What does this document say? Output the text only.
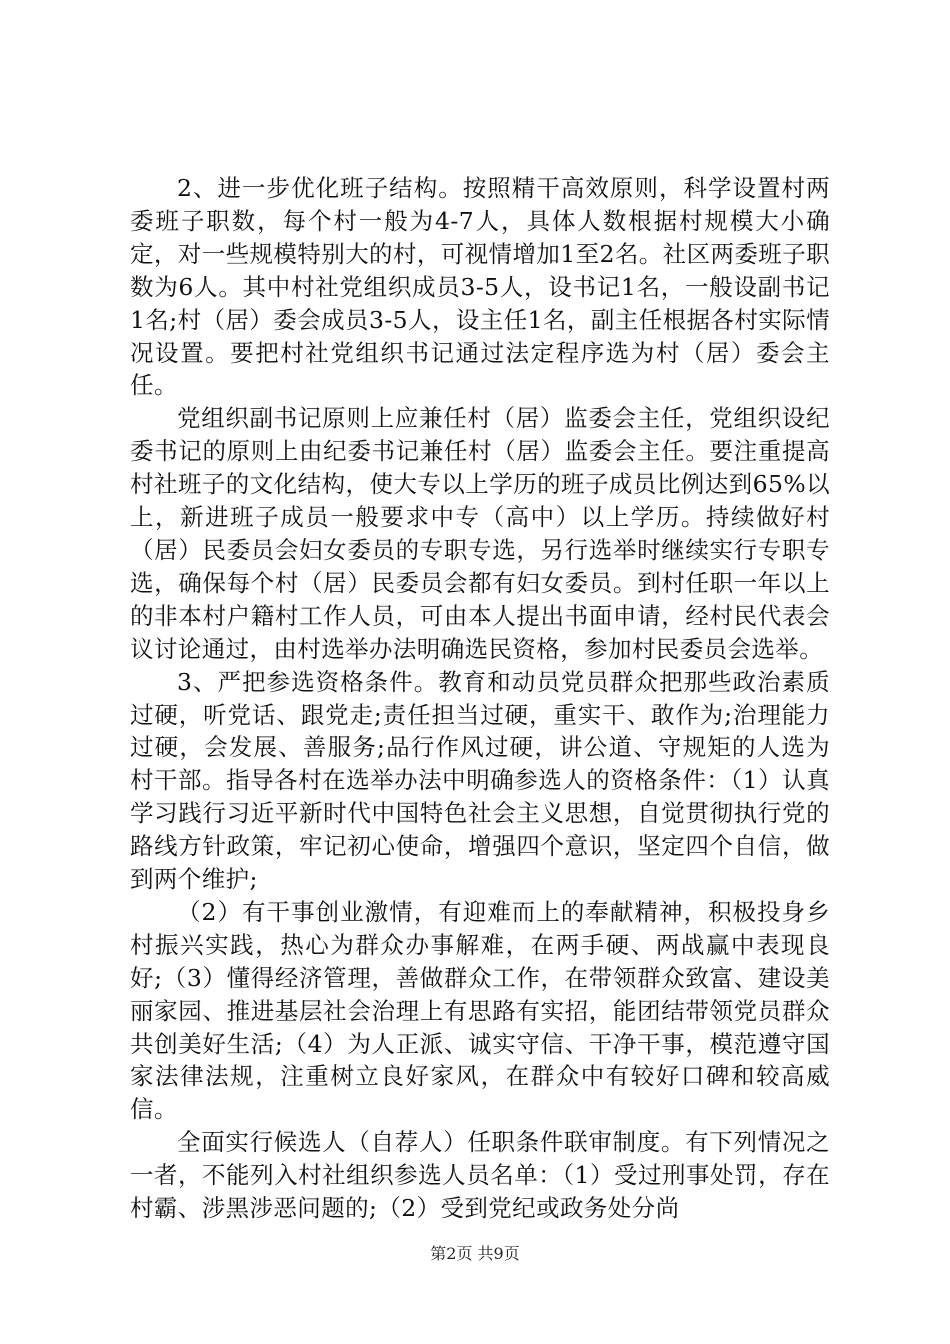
2、进一步优化班子结构。按照精干高效原则，科学设置村两委班子职数，每个村一般为4-7人，具体人数根据村规模大小确定，对一些规模特别大的村，可视情增加1至2名。社区两委班子职数为6人。其中村社党组织成员3-5人，设书记1名，一般设副书记1名;村（居）委会成员3-5人，设主任1名，副主任根据各村实际情况设置。要把村社党组织书记通过法定程序选为村（居）委会主任。

党组织副书记原则上应兼任村（居）监委会主任，党组织设纪委书记的原则上由纪委书记兼任村（居）监委会主任。要注重提高村社班子的文化结构，使大专以上学历的班子成员比例达到65%以上，新进班子成员一般要求中专（高中）以上学历。持续做好村（居）民委员会妇女委员的专职专选，另行选举时继续实行专职专选，确保每个村（居）民委员会都有妇女委员。到村任职一年以上的非本村户籍村工作人员，可由本人提出书面申请，经村民代表会议讨论通过，由村选举办法明确选民资格，参加村民委员会选举。

3、严把参选资格条件。教育和动员党员群众把那些政治素质过硬，听党话、跟党走;责任担当过硬，重实干、敢作为;治理能力过硬，会发展、善服务;品行作风过硬，讲公道、守规矩的人选为村干部。指导各村在选举办法中明确参选人的资格条件：（1）认真学习践行习近平新时代中国特色社会主义思想，自觉贯彻执行党的路线方针政策，牢记初心使命，增强四个意识，坚定四个自信，做到两个维护;

（2）有干事创业激情，有迎难而上的奉献精神，积极投身乡村振兴实践，热心为群众办事解难，在两手硬、两战赢中表现良好;（3）懂得经济管理，善做群众工作，在带领群众致富、建设美丽家园、推进基层社会治理上有思路有实招，能团结带领党员群众共创美好生活;（4）为人正派、诚实守信、干净干事，模范遵守国家法律法规，注重树立良好家风，在群众中有较好口碑和较高威信。

全面实行候选人（自荐人）任职条件联审制度。有下列情况之一者，不能列入村社组织参选人员名单：（1）受过刑事处罚，存在村霸、涉黑涉恶问题的;（2）受到党纪或政务处分尚

第2页 共9页
